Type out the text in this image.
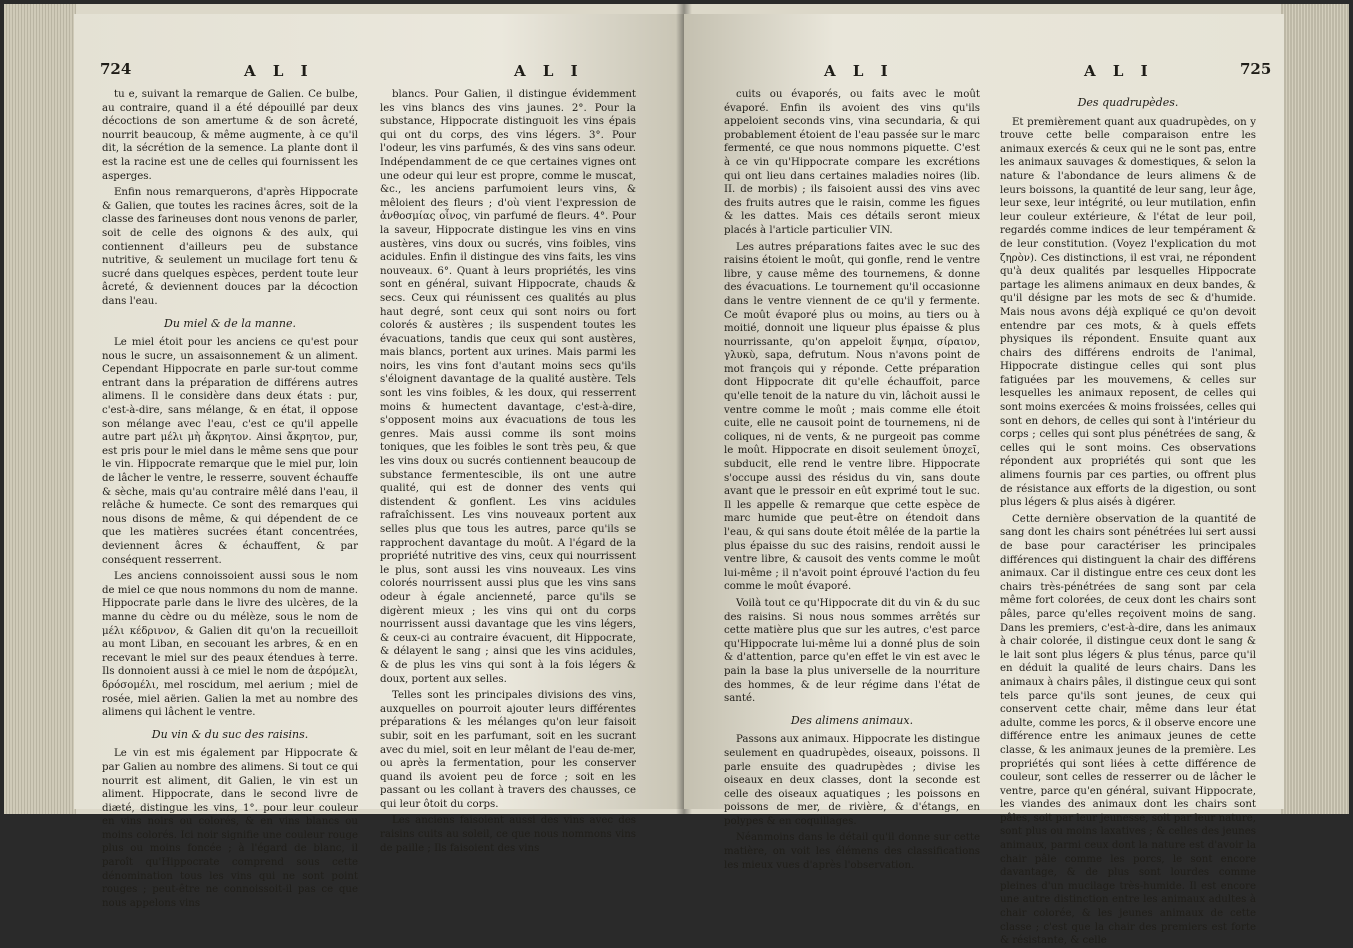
724	A L I	A L I

tu e, suivant la remarque de Galien. Ce bulbe, au contraire, quand il a été dépouillé par deux décoctions de son amertume & de son âcreté, nourrit beaucoup, & même augmente, à ce qu'il dit, la sécrétion de la semence. La plante dont il est la racine est une de celles qui fournissent les asperges.

Enfin nous remarquerons, d'après Hippocrate & Galien, que toutes les racines âcres, soit de la classe des farineuses dont nous venons de parler, soit de celle des oignons & des aulx, qui contiennent d'ailleurs peu de substance nutritive, & seulement un mucilage fort tenu & sucré dans quelques espèces, perdent toute leur âcreté, & deviennent douces par la décoction dans l'eau.

Du miel & de la manne.

Le miel étoit pour les anciens ce qu'est pour nous le sucre, un assaisonnement & un aliment. Cependant Hippocrate en parle sur-tout comme entrant dans la préparation de différens autres alimens. Il le considère dans deux états : pur, c'est-à-dire, sans mélange, & en état, il oppose son mélange avec l'eau, c'est ce qu'il appelle autre part μέλι μὴ ἄκρητον. Ainsi ἄκρητον, pur, est pris pour le miel dans le même sens que pour le vin. Hippocrate remarque que le miel pur, loin de lâcher le ventre, le resserre, souvent échauffe & sèche, mais qu'au contraire mêlé dans l'eau, il relâche & humecte. Ce sont des remarques qui nous disons de même, & qui dépendent de ce que les matières sucrées étant concentrées, deviennent âcres & échauffent, & par conséquent resserrent.

Les anciens connoissoient aussi sous le nom de miel ce que nous nommons du nom de manne. Hippocrate parle dans le livre des ulcères, de la manne du cèdre ou du mélèze, sous le nom de μέλι κέδρινον, & Galien dit qu'on la recueilloit au mont Liban, en secouant les arbres, & en en recevant le miel sur des peaux étendues à terre. Ils donnoient aussi à ce miel le nom de ἀερόμελι, δρόσομέλι, mel roscidum, mel aerium ; miel de rosée, miel aërien. Galien la met au nombre des alimens qui lâchent le ventre.

Du vin & du suc des raisins.

Le vin est mis également par Hippocrate & par Galien au nombre des alimens. Si tout ce qui nourrit est aliment, dit Galien, le vin est un aliment. Hippocrate, dans le second livre de diæté, distingue les vins, 1°. pour leur couleur en vins noirs ou colorés, & en vins blancs ou moins colorés. Ici noir signifie une couleur rouge plus ou moins foncée ; à l'égard de blanc, il paroît qu'Hippocrate comprend sous cette dénomination tous les vins qui ne sont point rouges ; peut-être ne connoissoit-il pas ce que nous appelons vins

blancs. Pour Galien, il distingue évidemment les vins blancs des vins jaunes. 2°. Pour la substance, Hippocrate distinguoit les vins épais qui ont du corps, des vins légers. 3°. Pour l'odeur, les vins parfumés, & des vins sans odeur. Indépendamment de ce que certaines vignes ont une odeur qui leur est propre, comme le muscat, &c., les anciens parfumoient leurs vins, & mêloient des fleurs ; d'où vient l'expression de ἀνθοσμίας οἶνος, vin parfumé de fleurs. 4°. Pour la saveur, Hippocrate distingue les vins en vins austères, vins doux ou sucrés, vins foibles, vins acidules. Enfin il distingue des vins faits, les vins nouveaux. 6°. Quant à leurs propriétés, les vins sont en général, suivant Hippocrate, chauds & secs. Ceux qui réunissent ces qualités au plus haut degré, sont ceux qui sont noirs ou fort colorés & austères ; ils suspendent toutes les évacuations, tandis que ceux qui sont austères, mais blancs, portent aux urines. Mais parmi les noirs, les vins font d'autant moins secs qu'ils s'éloignent davantage de la qualité austère. Tels sont les vins foibles, & les doux, qui resserrent moins & humectent davantage, c'est-à-dire, s'opposent moins aux évacuations de tous les genres. Mais aussi comme ils sont moins toniques, que les foibles le sont très peu, & que les vins doux ou sucrés contiennent beaucoup de substance fermentescible, ils ont une autre qualité, qui est de donner des vents qui distendent & gonflent. Les vins acidules rafraîchissent. Les vins nouveaux portent aux selles plus que tous les autres, parce qu'ils se rapprochent davantage du moût. A l'égard de la propriété nutritive des vins, ceux qui nourrissent le plus, sont aussi les vins nouveaux. Les vins colorés nourrissent aussi plus que les vins sans odeur à égale ancienneté, parce qu'ils se digèrent mieux ; les vins qui ont du corps nourrissent aussi davantage que les vins légers, & ceux-ci au contraire évacuent, dit Hippocrate, & délayent le sang ; ainsi que les vins acidules, & de plus les vins qui sont à la fois légers & doux, portent aux selles.

Telles sont les principales divisions des vins, auxquelles on pourroit ajouter leurs différentes préparations & les mélanges qu'on leur faisoit subir, soit en les parfumant, soit en les sucrant avec du miel, soit en leur mêlant de l'eau de-mer, ou après la fermentation, pour les conserver quand ils avoient peu de force ; soit en les passant ou les collant à travers des chausses, ce qui leur ôtoit du corps.

Les anciens faisoient aussi des vins avec des raisins cuits au soleil, ce que nous nommons vins de paille ; Ils faisoient des vins

A L I	A L I	725

cuits ou évaporés, ou faits avec le moût évaporé. Enfin ils avoient des vins qu'ils appeloient seconds vins, vina secundaria, & qui probablement étoient de l'eau passée sur le marc fermenté, ce que nous nommons piquette. C'est à ce vin qu'Hippocrate compare les excrétions qui ont lieu dans certaines maladies noires (lib. II. de morbis) ; ils faisoient aussi des vins avec des fruits autres que le raisin, comme les figues & les dattes. Mais ces détails seront mieux placés à l'article particulier VIN.

Les autres préparations faites avec le suc des raisins étoient le moût, qui gonfle, rend le ventre libre, y cause même des tournemens, & donne des évacuations. Le tournement qu'il occasionne dans le ventre viennent de ce qu'il y fermente. Ce moût évaporé plus ou moins, au tiers ou à moitié, donnoit une liqueur plus épaisse & plus nourrissante, qu'on appeloit ἕψημα, σίραιον, γλυκὺ, sapa, defrutum. Nous n'avons point de mot françois qui y réponde. Cette préparation dont Hippocrate dit qu'elle échauffoit, parce qu'elle tenoit de la nature du vin, lâchoit aussi le ventre comme le moût ; mais comme elle étoit cuite, elle ne causoit point de tournemens, ni de coliques, ni de vents, & ne purgeoit pas comme le moût. Hippocrate en disoit seulement ὑποχεῖ, subducit, elle rend le ventre libre. Hippocrate s'occupe aussi des résidus du vin, sans doute avant que le pressoir en eût exprimé tout le suc. Il les appelle & remarque que cette espèce de marc humide que peut-être on étendoit dans l'eau, & qui sans doute étoit mêlée de la partie la plus épaisse du suc des raisins, rendoit aussi le ventre libre, & causoit des vents comme le moût lui-même ; il n'avoit point éprouvé l'action du feu comme le moût évaporé.

Voilà tout ce qu'Hippocrate dit du vin & du suc des raisins. Si nous nous sommes arrêtés sur cette matière plus que sur les autres, c'est parce qu'Hippocrate lui-même lui a donné plus de soin & d'attention, parce qu'en effet le vin est avec le pain la base la plus universelle de la nourriture des hommes, & de leur régime dans l'état de santé.

Des alimens animaux.

Passons aux animaux. Hippocrate les distingue seulement en quadrupèdes, oiseaux, poissons. Il parle ensuite des quadrupèdes ; divise les oiseaux en deux classes, dont la seconde est celle des oiseaux aquatiques ; les poissons en poissons de mer, de rivière, & d'étangs, en polypes & en coquillages.

Néanmoins dans le détail qu'il donne sur cette matière, on voit les élémens des classifications les mieux vues d'après l'observation.

Des quadrupèdes.

Et premièrement quant aux quadrupèdes, on y trouve cette belle comparaison entre les animaux exercés & ceux qui ne le sont pas, entre les animaux sauvages & domestiques, & selon la nature & l'abondance de leurs alimens & de leurs boissons, la quantité de leur sang, leur âge, leur sexe, leur intégrité, ou leur mutilation, enfin leur couleur extérieure, & l'état de leur poil, regardés comme indices de leur tempérament & de leur constitution. (Voyez l'explication du mot ζηρὸν). Ces distinctions, il est vrai, ne répondent qu'à deux qualités par lesquelles Hippocrate partage les alimens animaux en deux bandes, & qu'il désigne par les mots de sec & d'humide. Mais nous avons déjà expliqué ce qu'on devoit entendre par ces mots, & à quels effets physiques ils répondent. Ensuite quant aux chairs des différens endroits de l'animal, Hippocrate distingue celles qui sont plus fatiguées par les mouvemens, & celles sur lesquelles les animaux reposent, de celles qui sont moins exercées & moins froissées, celles qui sont en dehors, de celles qui sont à l'intérieur du corps ; celles qui sont plus pénétrées de sang, & celles qui le sont moins. Ces observations répondent aux propriétés qui sont que les alimens fournis par ces parties, ou offrent plus de résistance aux efforts de la digestion, ou sont plus légers & plus aisés à digérer.

Cette dernière observation de la quantité de sang dont les chairs sont pénétrées lui sert aussi de base pour caractériser les principales différences qui distinguent la chair des différens animaux. Car il distingue entre ces ceux dont les chairs très-pénétrées de sang sont par cela même fort colorées, de ceux dont les chairs sont pâles, parce qu'elles reçoivent moins de sang. Dans les premiers, c'est-à-dire, dans les animaux à chair colorée, il distingue ceux dont le sang & le lait sont plus légers & plus ténus, parce qu'il en déduit la qualité de leurs chairs. Dans les animaux à chairs pâles, il distingue ceux qui sont tels parce qu'ils sont jeunes, de ceux qui conservent cette chair, même dans leur état adulte, comme les porcs, & il observe encore une différence entre les animaux jeunes de cette classe, & les animaux jeunes de la première. Les propriétés qui sont liées à cette différence de couleur, sont celles de resserrer ou de lâcher le ventre, parce qu'en général, suivant Hippocrate, les viandes des animaux dont les chairs sont pâles, soit par leur jeunesse, soit par leur nature, sont plus ou moins laxatives ; & celles des jeunes animaux, parmi ceux dont la nature est d'avoir la chair pâle comme les porcs, le sont encore davantage, & de plus sont lourdes comme pleines d'un mucilage très-humide. Il est encore une autre distinction entre les animaux adultes à chair colorée, & les jeunes animaux de cette classe ; c'est que la chair des premiers est forte & résistante, & celle
